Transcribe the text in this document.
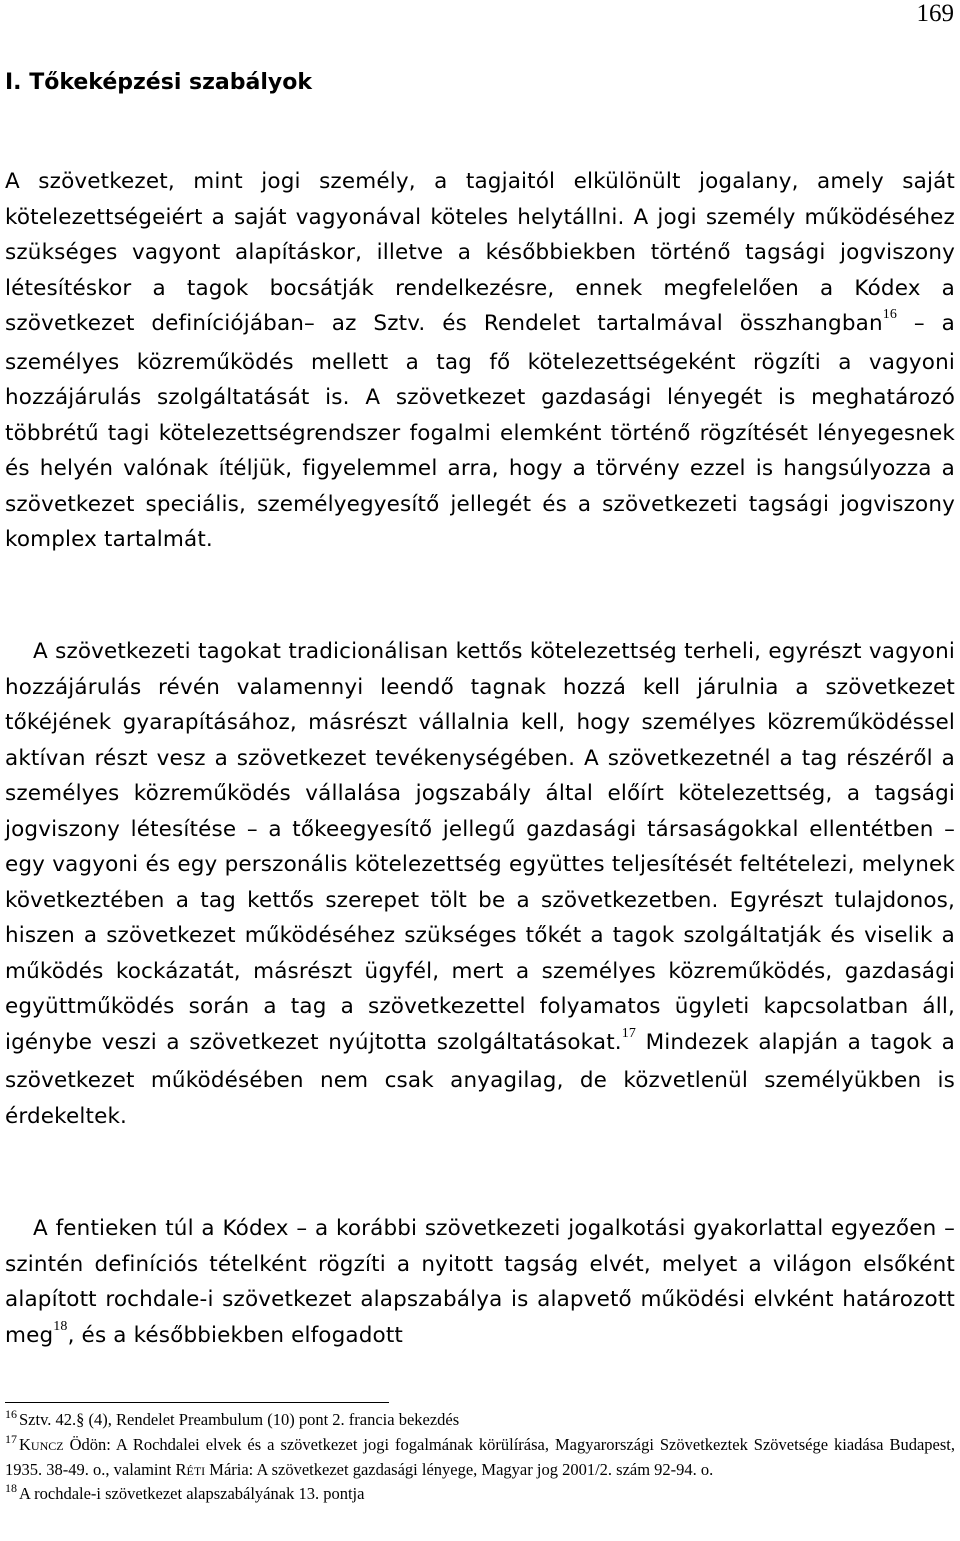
169
I. Tőkeképzési szabályok

A szövetkezet, mint jogi személy, a tagjaitól elkülönült jogalany, amely saját kötelezettségeiért a saját vagyonával köteles helytállni. A jogi személy működéséhez szükséges vagyont alapításkor, illetve a későbbiekben történő tagsági jogviszony létesítéskor a tagok bocsátják rendelkezésre, ennek megfelelően a Kódex a szövetkezet definíciójában– az Sztv. és Rendelet tartalmával összhangban$^{16}$ – a személyes közreműködés mellett a tag fő kötelezettségeként rögzíti a vagyoni hozzájárulás szolgáltatását is. A szövetkezet gazdasági lényegét is meghatározó többrétű tagi kötelezettségrendszer fogalmi elemként történő rögzítését lényegesnek és helyén valónak ítéljük, figyelemmel arra, hogy a törvény ezzel is hangsúlyozza a szövetkezet speciális, személyegyesítő jellegét és a szövetkezeti tagsági jogviszony komplex tartalmát.

A szövetkezeti tagokat tradicionálisan kettős kötelezettség terheli, egyrészt vagyoni hozzájárulás révén valamennyi leendő tagnak hozzá kell járulnia a szövetkezet tőkéjének gyarapításához, másrészt vállalnia kell, hogy személyes közreműködéssel aktívan részt vesz a szövetkezet tevékenységében. A szövetkezetnél a tag részéről a személyes közreműködés vállalása jogszabály által előírt kötelezettség, a tagsági jogviszony létesítése – a tőkeegyesítő jellegű gazdasági társaságokkal ellentétben – egy vagyoni és egy perszonális kötelezettség együttes teljesítését feltételezi, melynek következtében a tag kettős szerepet tölt be a szövetkezetben. Egyrészt tulajdonos, hiszen a szövetkezet működéséhez szükséges tőkét a tagok szolgáltatják és viselik a működés kockázatát, másrészt ügyfél, mert a személyes közreműködés, gazdasági együttműködés során a tag a szövetkezettel folyamatos ügyleti kapcsolatban áll, igénybe veszi a szövetkezet nyújtotta szolgáltatásokat.$^{17}$ Mindezek alapján a tagok a szövetkezet működésében nem csak anyagilag, de közvetlenül személyükben is érdekeltek.

A fentieken túl a Kódex – a korábbi szövetkezeti jogalkotási gyakorlattal egyezően – szintén definíciós tételként rögzíti a nyitott tagság elvét, melyet a világon elsőként alapított rochdale-i szövetkezet alapszabálya is alapvető működési elvként határozott meg$^{18}$, és a későbbiekben elfogadott

$^{16}$ Sztv. 42.§ (4), Rendelet Preambulum (10) pont 2. francia bekezdés

$^{17}$ Kuncz Ödön: A Rochdalei elvek és a szövetkezet jogi fogalmának körülírása, Magyarországi Szövetkeztek Szövetsége kiadása Budapest, 1935. 38-49. o., valamint Réti Mária: A szövetkezet gazdasági lényege, Magyar jog 2001/2. szám 92-94. o.

$^{18}$ A rochdale-i szövetkezet alapszabályának 13. pontja
